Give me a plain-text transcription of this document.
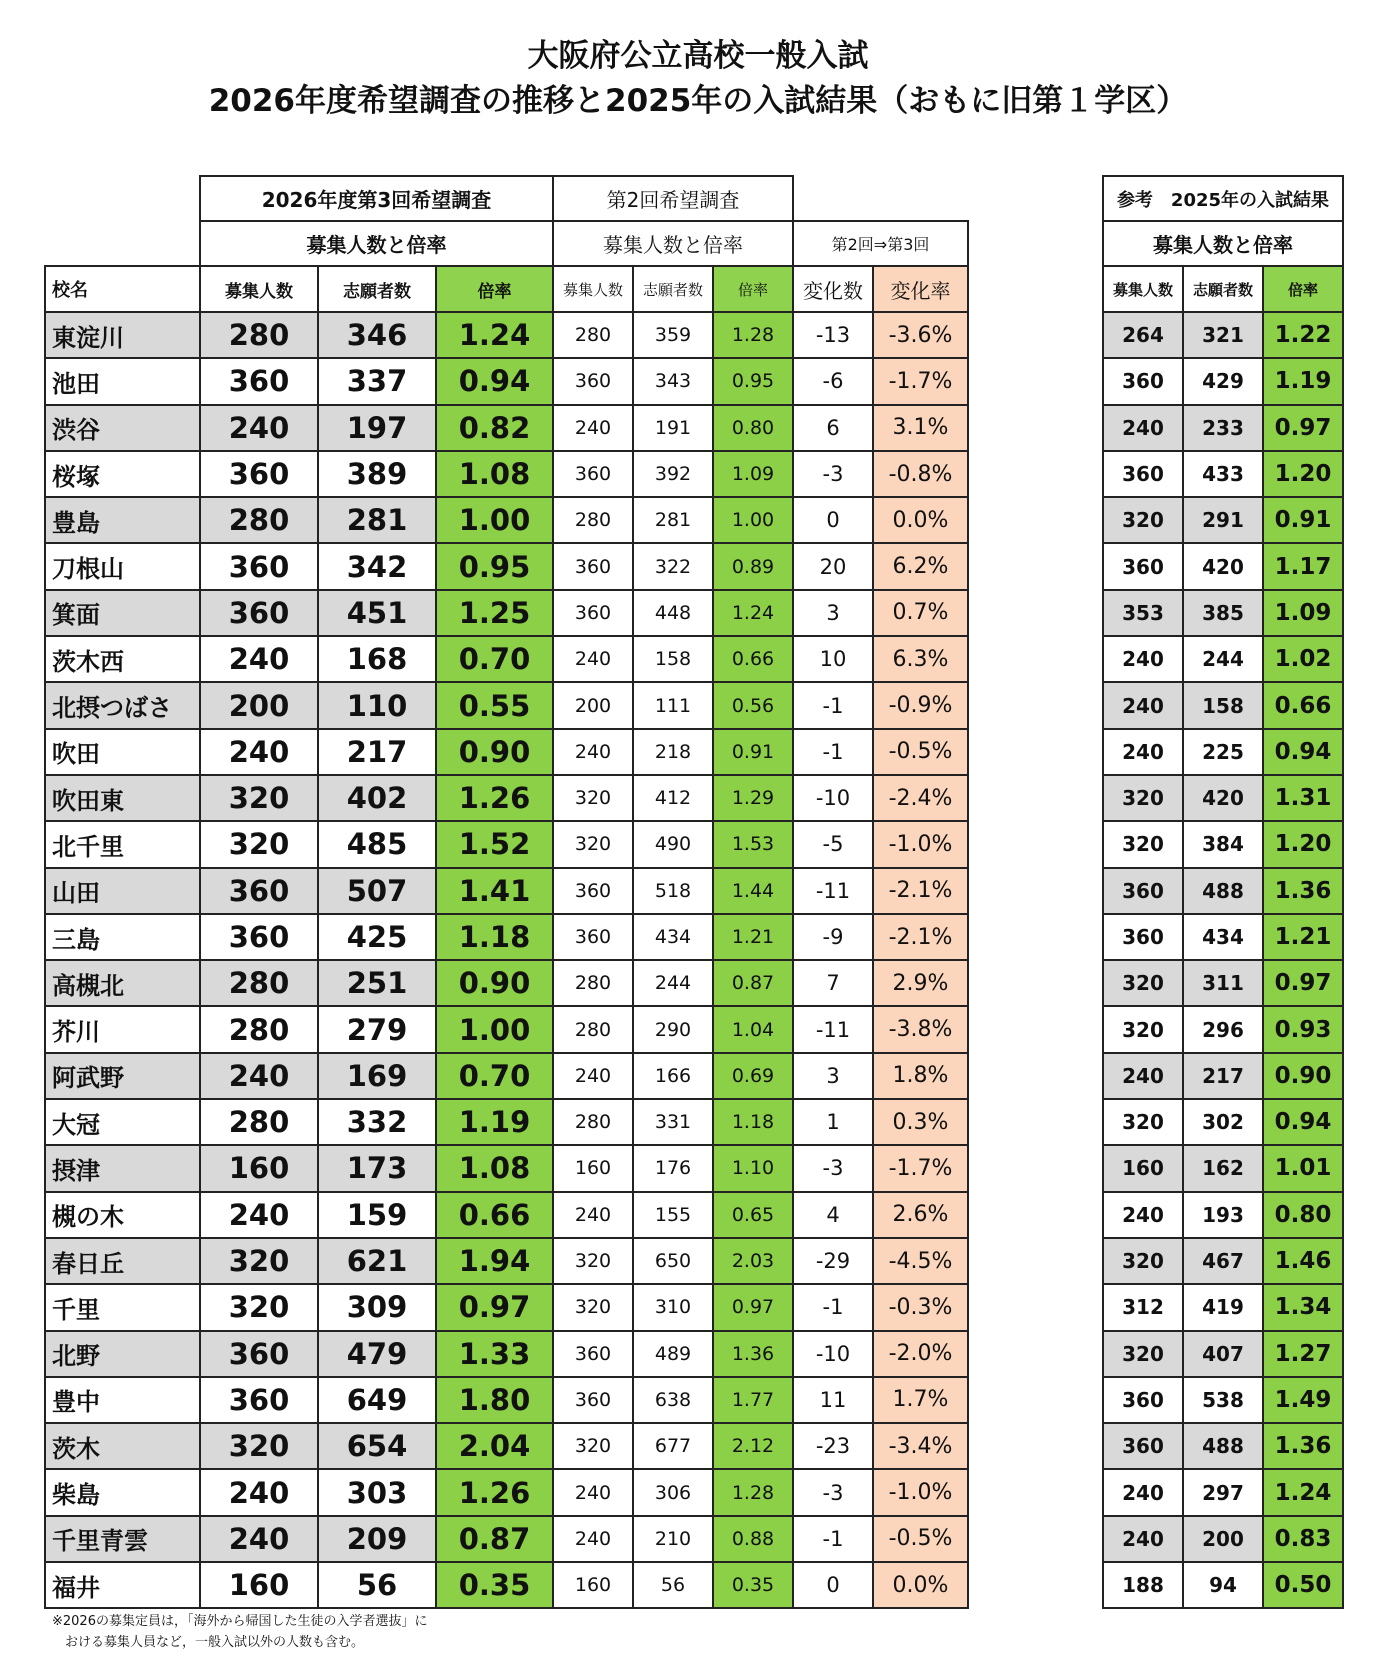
大阪府公立高校一般入試
2026年度希望調査の推移と2025年の入試結果（おもに旧第１学区）
	2026年度第3回希望調査			第2回希望調査				
	募集人数と倍率			募集人数と倍率			第2回⇒第3回	
校名	募集人数	志願者数	倍率	募集人数	志願者数	倍率	変化数	変化率
東淀川	280	346	1.24	280	359	1.28	-13	-3.6%
池田	360	337	0.94	360	343	0.95	-6	-1.7%
渋谷	240	197	0.82	240	191	0.80	6	3.1%
桜塚	360	389	1.08	360	392	1.09	-3	-0.8%
豊島	280	281	1.00	280	281	1.00	0	0.0%
刀根山	360	342	0.95	360	322	0.89	20	6.2%
箕面	360	451	1.25	360	448	1.24	3	0.7%
茨木西	240	168	0.70	240	158	0.66	10	6.3%
北摂つばさ	200	110	0.55	200	111	0.56	-1	-0.9%
吹田	240	217	0.90	240	218	0.91	-1	-0.5%
吹田東	320	402	1.26	320	412	1.29	-10	-2.4%
北千里	320	485	1.52	320	490	1.53	-5	-1.0%
山田	360	507	1.41	360	518	1.44	-11	-2.1%
三島	360	425	1.18	360	434	1.21	-9	-2.1%
高槻北	280	251	0.90	280	244	0.87	7	2.9%
芥川	280	279	1.00	280	290	1.04	-11	-3.8%
阿武野	240	169	0.70	240	166	0.69	3	1.8%
大冠	280	332	1.19	280	331	1.18	1	0.3%
摂津	160	173	1.08	160	176	1.10	-3	-1.7%
槻の木	240	159	0.66	240	155	0.65	4	2.6%
春日丘	320	621	1.94	320	650	2.03	-29	-4.5%
千里	320	309	0.97	320	310	0.97	-1	-0.3%
北野	360	479	1.33	360	489	1.36	-10	-2.0%
豊中	360	649	1.80	360	638	1.77	11	1.7%
茨木	320	654	2.04	320	677	2.12	-23	-3.4%
柴島	240	303	1.26	240	306	1.28	-3	-1.0%
千里青雲	240	209	0.87	240	210	0.88	-1	-0.5%
福井	160	56	0.35	160	56	0.35	0	0.0%
参考　2025年の入試結果		
募集人数と倍率		
募集人数	志願者数	倍率
264	321	1.22
360	429	1.19
240	233	0.97
360	433	1.20
320	291	0.91
360	420	1.17
353	385	1.09
240	244	1.02
240	158	0.66
240	225	0.94
320	420	1.31
320	384	1.20
360	488	1.36
360	434	1.21
320	311	0.97
320	296	0.93
240	217	0.90
320	302	0.94
160	162	1.01
240	193	0.80
320	467	1.46
312	419	1.34
320	407	1.27
360	538	1.49
360	488	1.36
240	297	1.24
240	200	0.83
188	94	0.50
※2026の募集定員は，「海外から帰国した生徒の入学者選抜」に
　おける募集人員など，一般入試以外の人数も含む。
